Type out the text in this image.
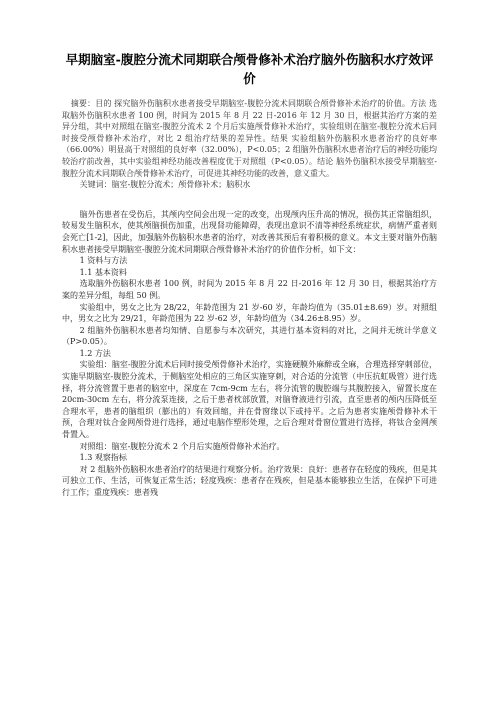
早期脑室-腹腔分流术同期联合颅骨修补术治疗脑外伤脑积水疗效评价
摘要：目的 探究脑外伤脑积水患者接受早期脑室-腹腔分流术同期联合颅骨修补术治疗的价值。方法 选取脑外伤脑积水患者 100 例，时间为 2015 年 8 月 22 日-2016 年 12 月 30 日，根据其治疗方案的差异分组，其中对照组在脑室-腹腔分流术 2 个月后实施颅骨修补术治疗，实验组则在脑室-腹腔分流术后同时接受颅骨修补术治疗，对比 2 组治疗结果的差异性。结果 实验组脑外伤脑积水患者治疗的良好率（66.00%）明显高于对照组的良好率（32.00%），P<0.05；2 组脑外伤脑积水患者治疗后的神经功能均较治疗前改善，其中实验组神经功能改善程度优于对照组（P<0.05）。结论 脑外伤脑积水接受早期脑室-腹腔分流术同期联合颅骨修补术治疗，可促进其神经功能的改善，意义重大。
关键词：脑室-腹腔分流术；颅骨修补术；脑积水

脑外伤患者在受伤后，其颅内空间会出现一定的改变，出现颅内压升高的情况，损伤其正常脑组织，较易发生脑积水，使其颅脑损伤加重，出现肾功能障碍，表现出意识不清等神经系统症状，病情严重者则会死亡[1-2]，因此，加强脑外伤脑积水患者的治疗，对改善其预后有着积极的意义。本文主要对脑外伤脑积水患者接受早期脑室-腹腔分流术同期联合颅骨修补术治疗的价值作分析，如下文：

1 资料与方法

1.1 基本资料

选取脑外伤脑积水患者 100 例，时间为 2015 年 8 月 22 日-2016 年 12 月 30 日，根据其治疗方案的差异分组，每组 50 例。

实验组中，男女之比为 28/22，年龄范围为 21 岁-60 岁，年龄均值为（35.01±8.69）岁。对照组中，男女之比为 29/21，年龄范围为 22 岁-62 岁，年龄均值为（34.26±8.95）岁。

2 组脑外伤脑积水患者均知情、自愿参与本次研究，其进行基本资料的对比，之间并无统计学意义（P>0.05）。

1.2 方法

实验组：脑室-腹腔分流术后同时接受颅骨修补术治疗，实施硬膜外麻醉或全麻，合理选择穿刺部位，实施早期脑室-腹腔分流术，于侧脑室处相应的三角区实施穿刺，对合适的分流管（中压抗虹吸管）进行选择，将分流管置于患者的脑室中，深度在 7cm-9cm 左右，将分流管的腹腔端与其腹腔接入，留置长度在 20cm-30cm 左右，将分流泵连接，之后于患者枕部放置，对脑脊液进行引流，直至患者的颅内压降低至合理水平，患者的脑组织（膨出的）有效回缩，并在骨窗缘以下或持平。之后为患者实施颅骨修补术干预，合理对钛合金网颅骨进行选择，通过电脑作塑形处理，之后合理对骨窗位置进行选择，将钛合金网颅骨置入。

对照组：脑室-腹腔分流术 2 个月后实施颅骨修补术治疗。

1.3 观察指标

对 2 组脑外伤脑积水患者治疗的结果进行观察分析。治疗效果：良好：患者存在轻度的残疾，但是其可独立工作、生活，可恢复正常生活；轻度残疾：患者存在残疾，但是基本能够独立生活，在保护下可进行工作；重度残疾：患者残
